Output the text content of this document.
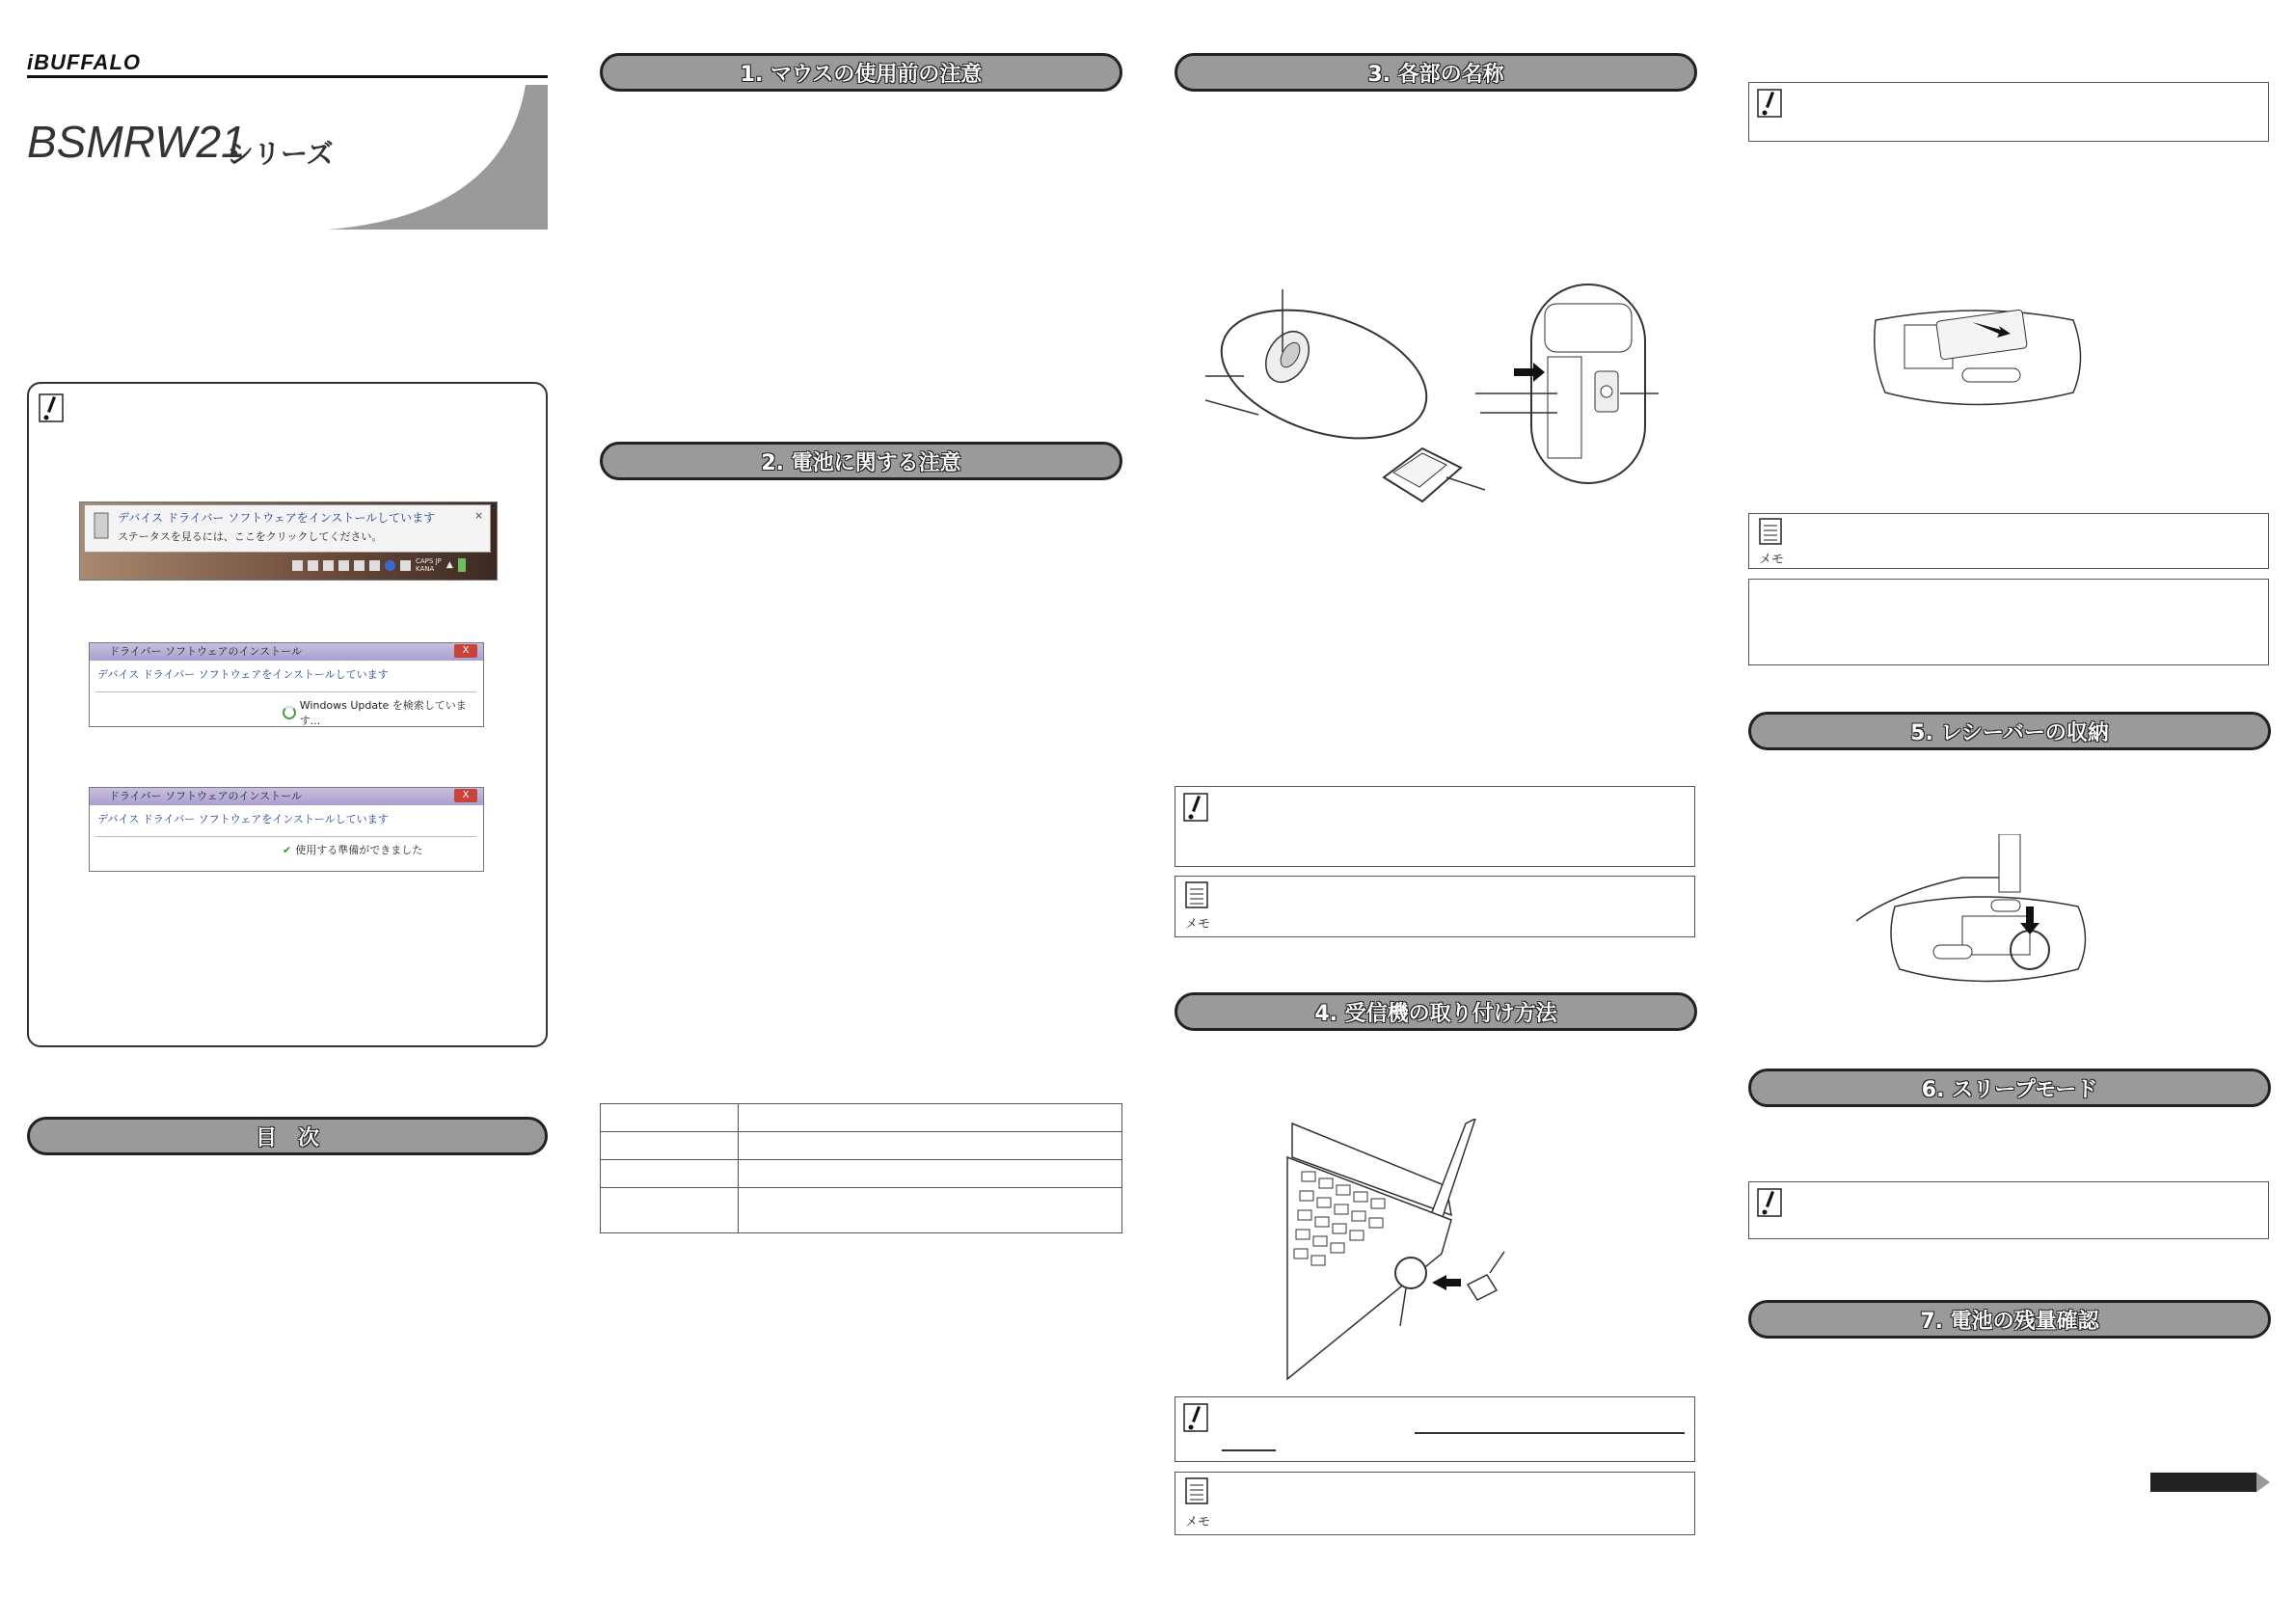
iBUFFALO
BSMRW21
シリーズ
デバイス ドライバー ソフトウェアをインストールしています
ステータスを見るには、ここをクリックしてください。
×
CAPS JP
KANA	▲
ドライバー ソフトウェアのインストール	X
デバイス ドライバー ソフトウェアをインストールしています
Windows Update を検索しています...
ドライバー ソフトウェアのインストール	X
デバイス ドライバー ソフトウェアをインストールしています
✔ 使用する準備ができました
目　次
1. マウスの使用前の注意
2. 電池に関する注意

3. 各部の名称
メモ
4. 受信機の取り付け方法
メモ
メモ
5. レシーバーの収納
6. スリープモード
7. 電池の残量確認
